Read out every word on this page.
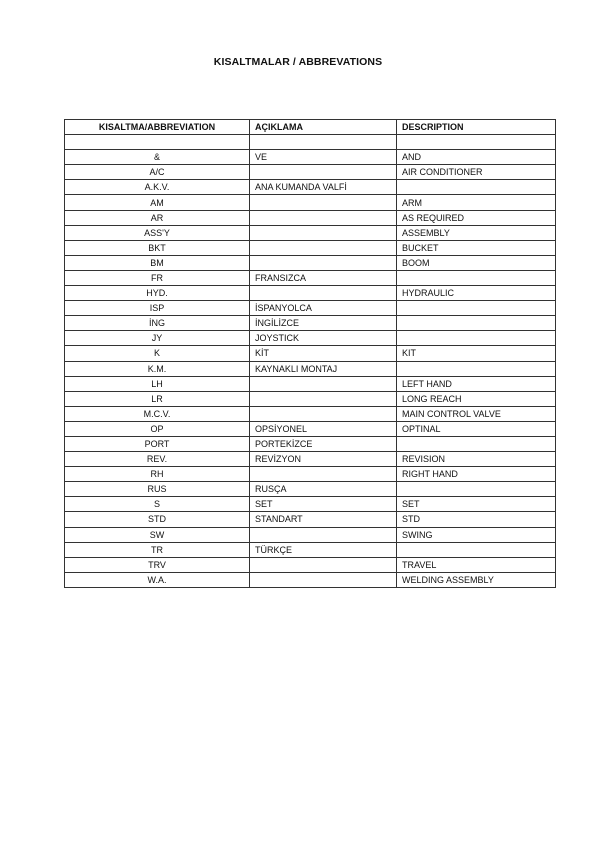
KISALTMALAR / ABBREVATIONS
KISALTMA/ABBREVIATION	AÇIKLAMA	DESCRIPTION

&	VE	AND
A/C		AIR CONDITIONER
A.K.V.	ANA KUMANDA VALFİ	
AM		ARM
AR		AS REQUIRED
ASS'Y		ASSEMBLY
BKT		BUCKET
BM		BOOM
FR	FRANSIZCA	
HYD.		HYDRAULIC
ISP	İSPANYOLCA	
İNG	İNGİLİZCE	
JY	JOYSTICK	
K	KİT	KIT
K.M.	KAYNAKLI MONTAJ	
LH		LEFT HAND
LR		LONG REACH
M.C.V.		MAIN CONTROL VALVE
OP	OPSİYONEL	OPTINAL
PORT	PORTEKİZCE	
REV.	REVİZYON	REVISION
RH		RIGHT HAND
RUS	RUSÇA	
S	SET	SET
STD	STANDART	STD
SW		SWING
TR	TÜRKÇE	
TRV		TRAVEL
W.A.		WELDING ASSEMBLY
